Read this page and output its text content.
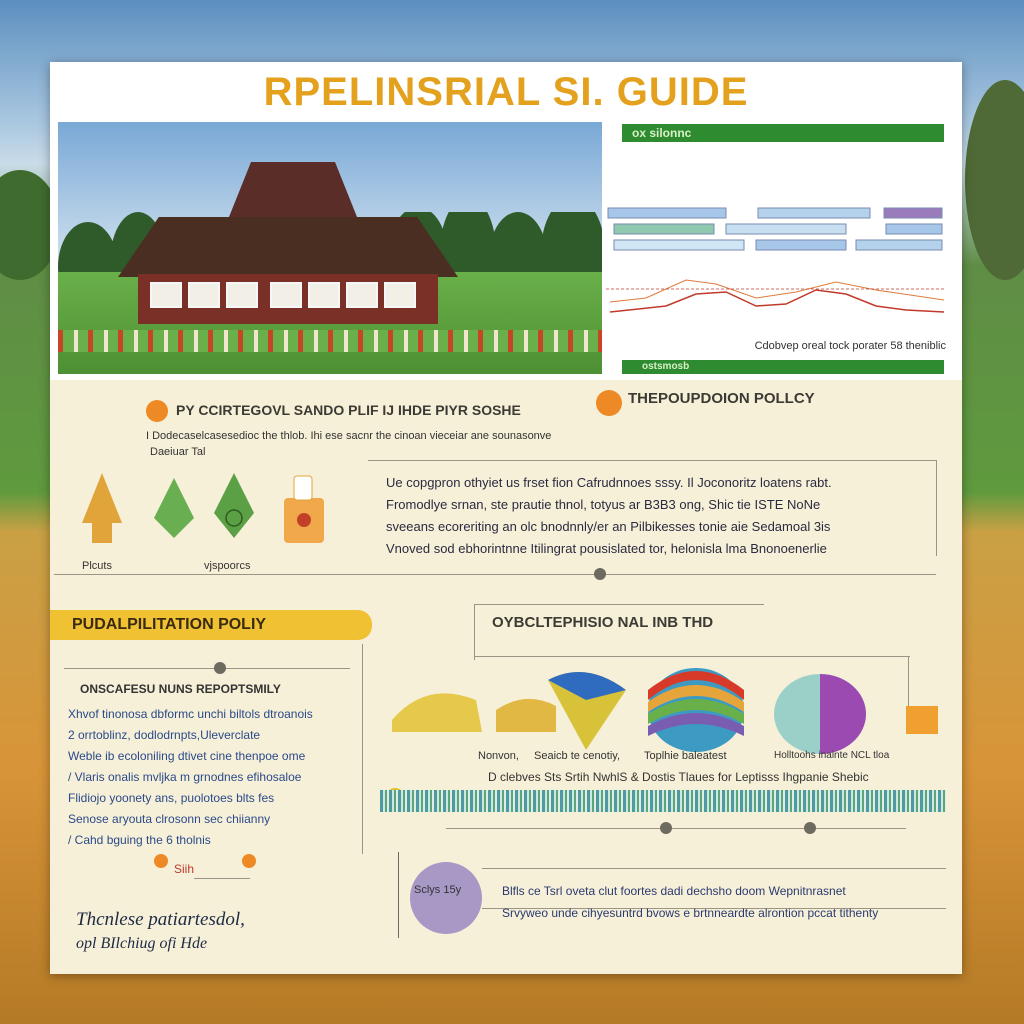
RPELINSRIAL SI. GUIDE
ox silonnc
Cdobvep oreal tock porater 58 theniblic
ostsmosb
PY CCIRTEGOVL SANDO PLIF IJ IHDE PIYR SOSHE
I Dodecaselcasesedioc the thlob. Ihi ese sacnr the cinoan vieceiar ane sounasonve
Daeiuar Tal
Plcuts	vjspoorcs
THEPOUPDOION POLLCY
Ue copgpron othyiet us frset fion Cafrudnnoes sssy. Il Joconoritz loatens rabt.
Fromodlye srnan, ste prautie thnol, totyus ar B3B3 ong, Shic tie ISTE NoNe
sveeans ecoreriting an olc bnodnnly/er an Pilbikesses tonie aie Sedamoal 3is
Vnoved sod ebhorintnne Itilingrat pousislated tor, helonisla lma Bnonoenerlie
PUDALPILITATION POLIY
ONSCAFESU NUNS REPOPTSMILY
Xhvof tinonosa dbformc unchi biltols dtroanois
2 orrtoblinz, dodlodrnpts,Uleverclate
Weble ib ecoloniling dtivet cine thenpoe ome
/ Vlaris onalis mvljka m grnodnes efihosaloe
Flidiojo yoonety ans, puolotoes blts fes
Senose aryouta clrosonn sec chiianny
/ Cahd bguing the 6 tholnis
Siih
Thcnlese patiartesdol,
opl BIlchiug ofi Hde
OYBCLTEPHISIO NAL INB THD
Nonvon,	Seaicb te cenotiy,	Toplhie baleatest	Holltoohs inainte NCL tloa
D clebves Sts Srtih NwhlS & Dostis Tlaues for Leptisss Ihgpanie Shebic
Sclys 15y	Blfls ce Tsrl oveta clut foortes dadi dechsho doom Wepnitnrasnet
Srvyweo unde cihyesuntrd bvows e brtnneardte alrontion pccat tithenty
